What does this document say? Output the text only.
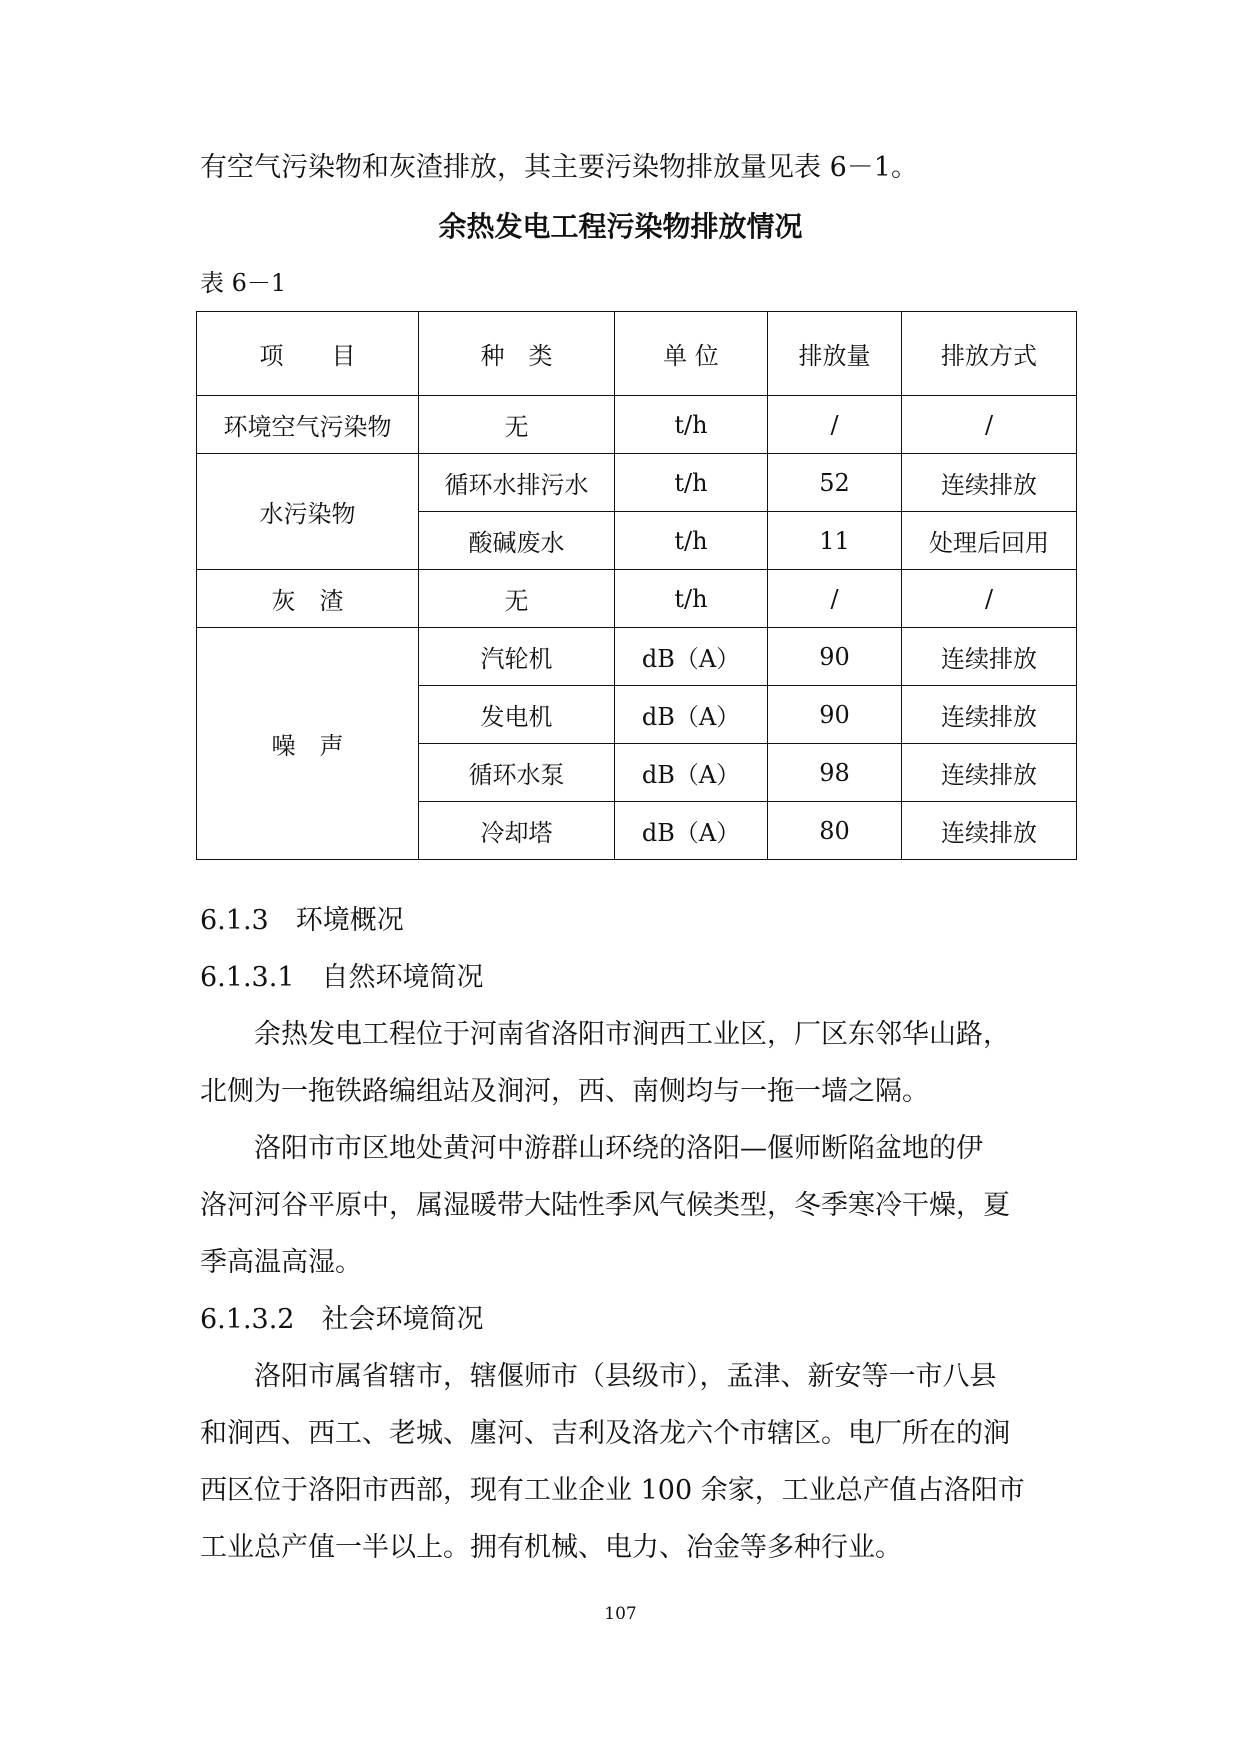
有空气污染物和灰渣排放，其主要污染物排放量见表 6－1。
余热发电工程污染物排放情况
表 6－1
项　　目	种　类	单 位	排放量	排放方式
环境空气污染物	无	t/h	/	/
水污染物	循环水排污水	t/h	52	连续排放
	酸碱废水	t/h	11	处理后回用
灰　渣	无	t/h	/	/
噪　声	汽轮机	dB（A）	90	连续排放
	发电机	dB（A）	90	连续排放
	循环水泵	dB（A）	98	连续排放
	冷却塔	dB（A）	80	连续排放
6.1.3　环境概况
6.1.3.1　自然环境简况
余热发电工程位于河南省洛阳市涧西工业区，厂区东邻华山路，
北侧为一拖铁路编组站及涧河，西、南侧均与一拖一墙之隔。
洛阳市市区地处黄河中游群山环绕的洛阳—偃师断陷盆地的伊
洛河河谷平原中，属湿暖带大陆性季风气候类型，冬季寒冷干燥，夏
季高温高湿。
6.1.3.2　社会环境简况
洛阳市属省辖市，辖偃师市（县级市），孟津、新安等一市八县
和涧西、西工、老城、廛河、吉利及洛龙六个市辖区。电厂所在的涧
西区位于洛阳市西部，现有工业企业 100 余家，工业总产值占洛阳市
工业总产值一半以上。拥有机械、电力、冶金等多种行业。
107
